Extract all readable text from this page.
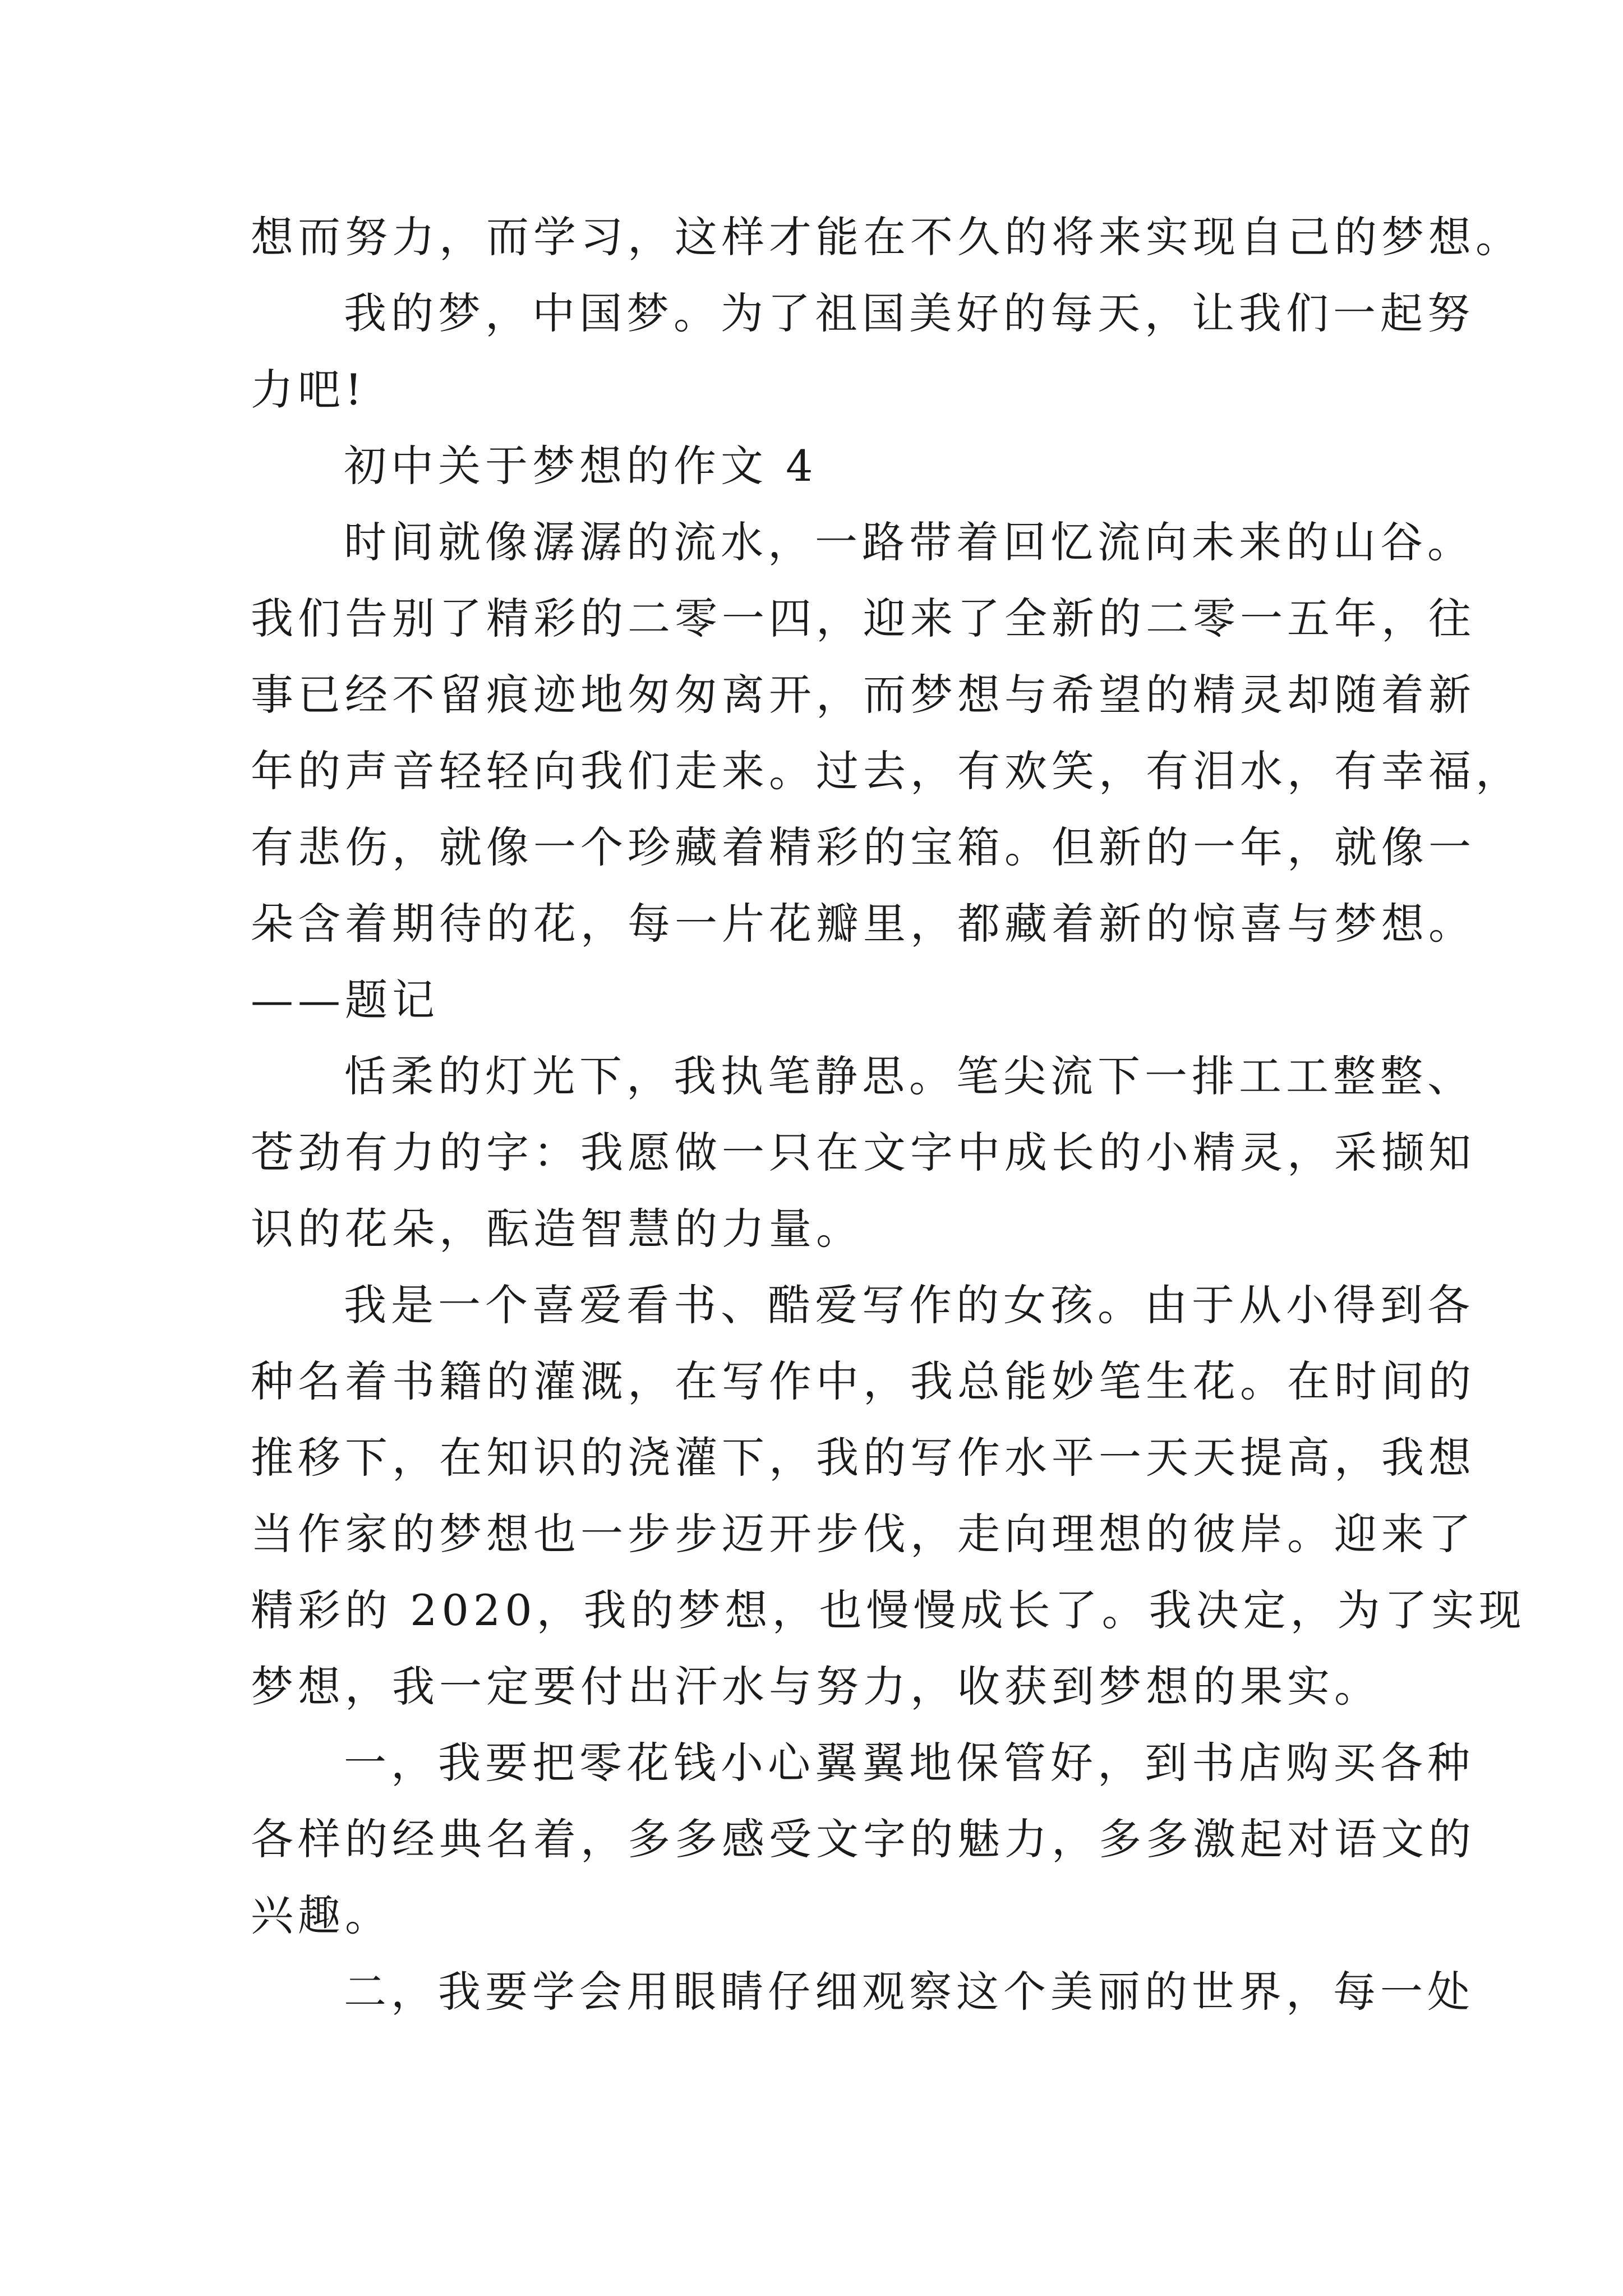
想而努力，而学习，这样才能在不久的将来实现自己的梦想。

我的梦，中国梦。为了祖国美好的每天，让我们一起努
力吧!

初中关于梦想的作文 4

时间就像潺潺的流水，一路带着回忆流向未来的山谷。
我们告别了精彩的二零一四，迎来了全新的二零一五年，往
事已经不留痕迹地匆匆离开，而梦想与希望的精灵却随着新
年的声音轻轻向我们走来。过去，有欢笑，有泪水，有幸福，
有悲伤，就像一个珍藏着精彩的宝箱。但新的一年，就像一
朵含着期待的花，每一片花瓣里，都藏着新的惊喜与梦想。
——题记

恬柔的灯光下，我执笔静思。笔尖流下一排工工整整、
苍劲有力的字：我愿做一只在文字中成长的小精灵，采撷知
识的花朵，酝造智慧的力量。

我是一个喜爱看书、酷爱写作的女孩。由于从小得到各
种名着书籍的灌溉，在写作中，我总能妙笔生花。在时间的
推移下，在知识的浇灌下，我的写作水平一天天提高，我想
当作家的梦想也一步步迈开步伐，走向理想的彼岸。迎来了
精彩的 2020，我的梦想，也慢慢成长了。我决定，为了实现
梦想，我一定要付出汗水与努力，收获到梦想的果实。

一，我要把零花钱小心翼翼地保管好，到书店购买各种
各样的经典名着，多多感受文字的魅力，多多激起对语文的
兴趣。

二，我要学会用眼睛仔细观察这个美丽的世界，每一处
